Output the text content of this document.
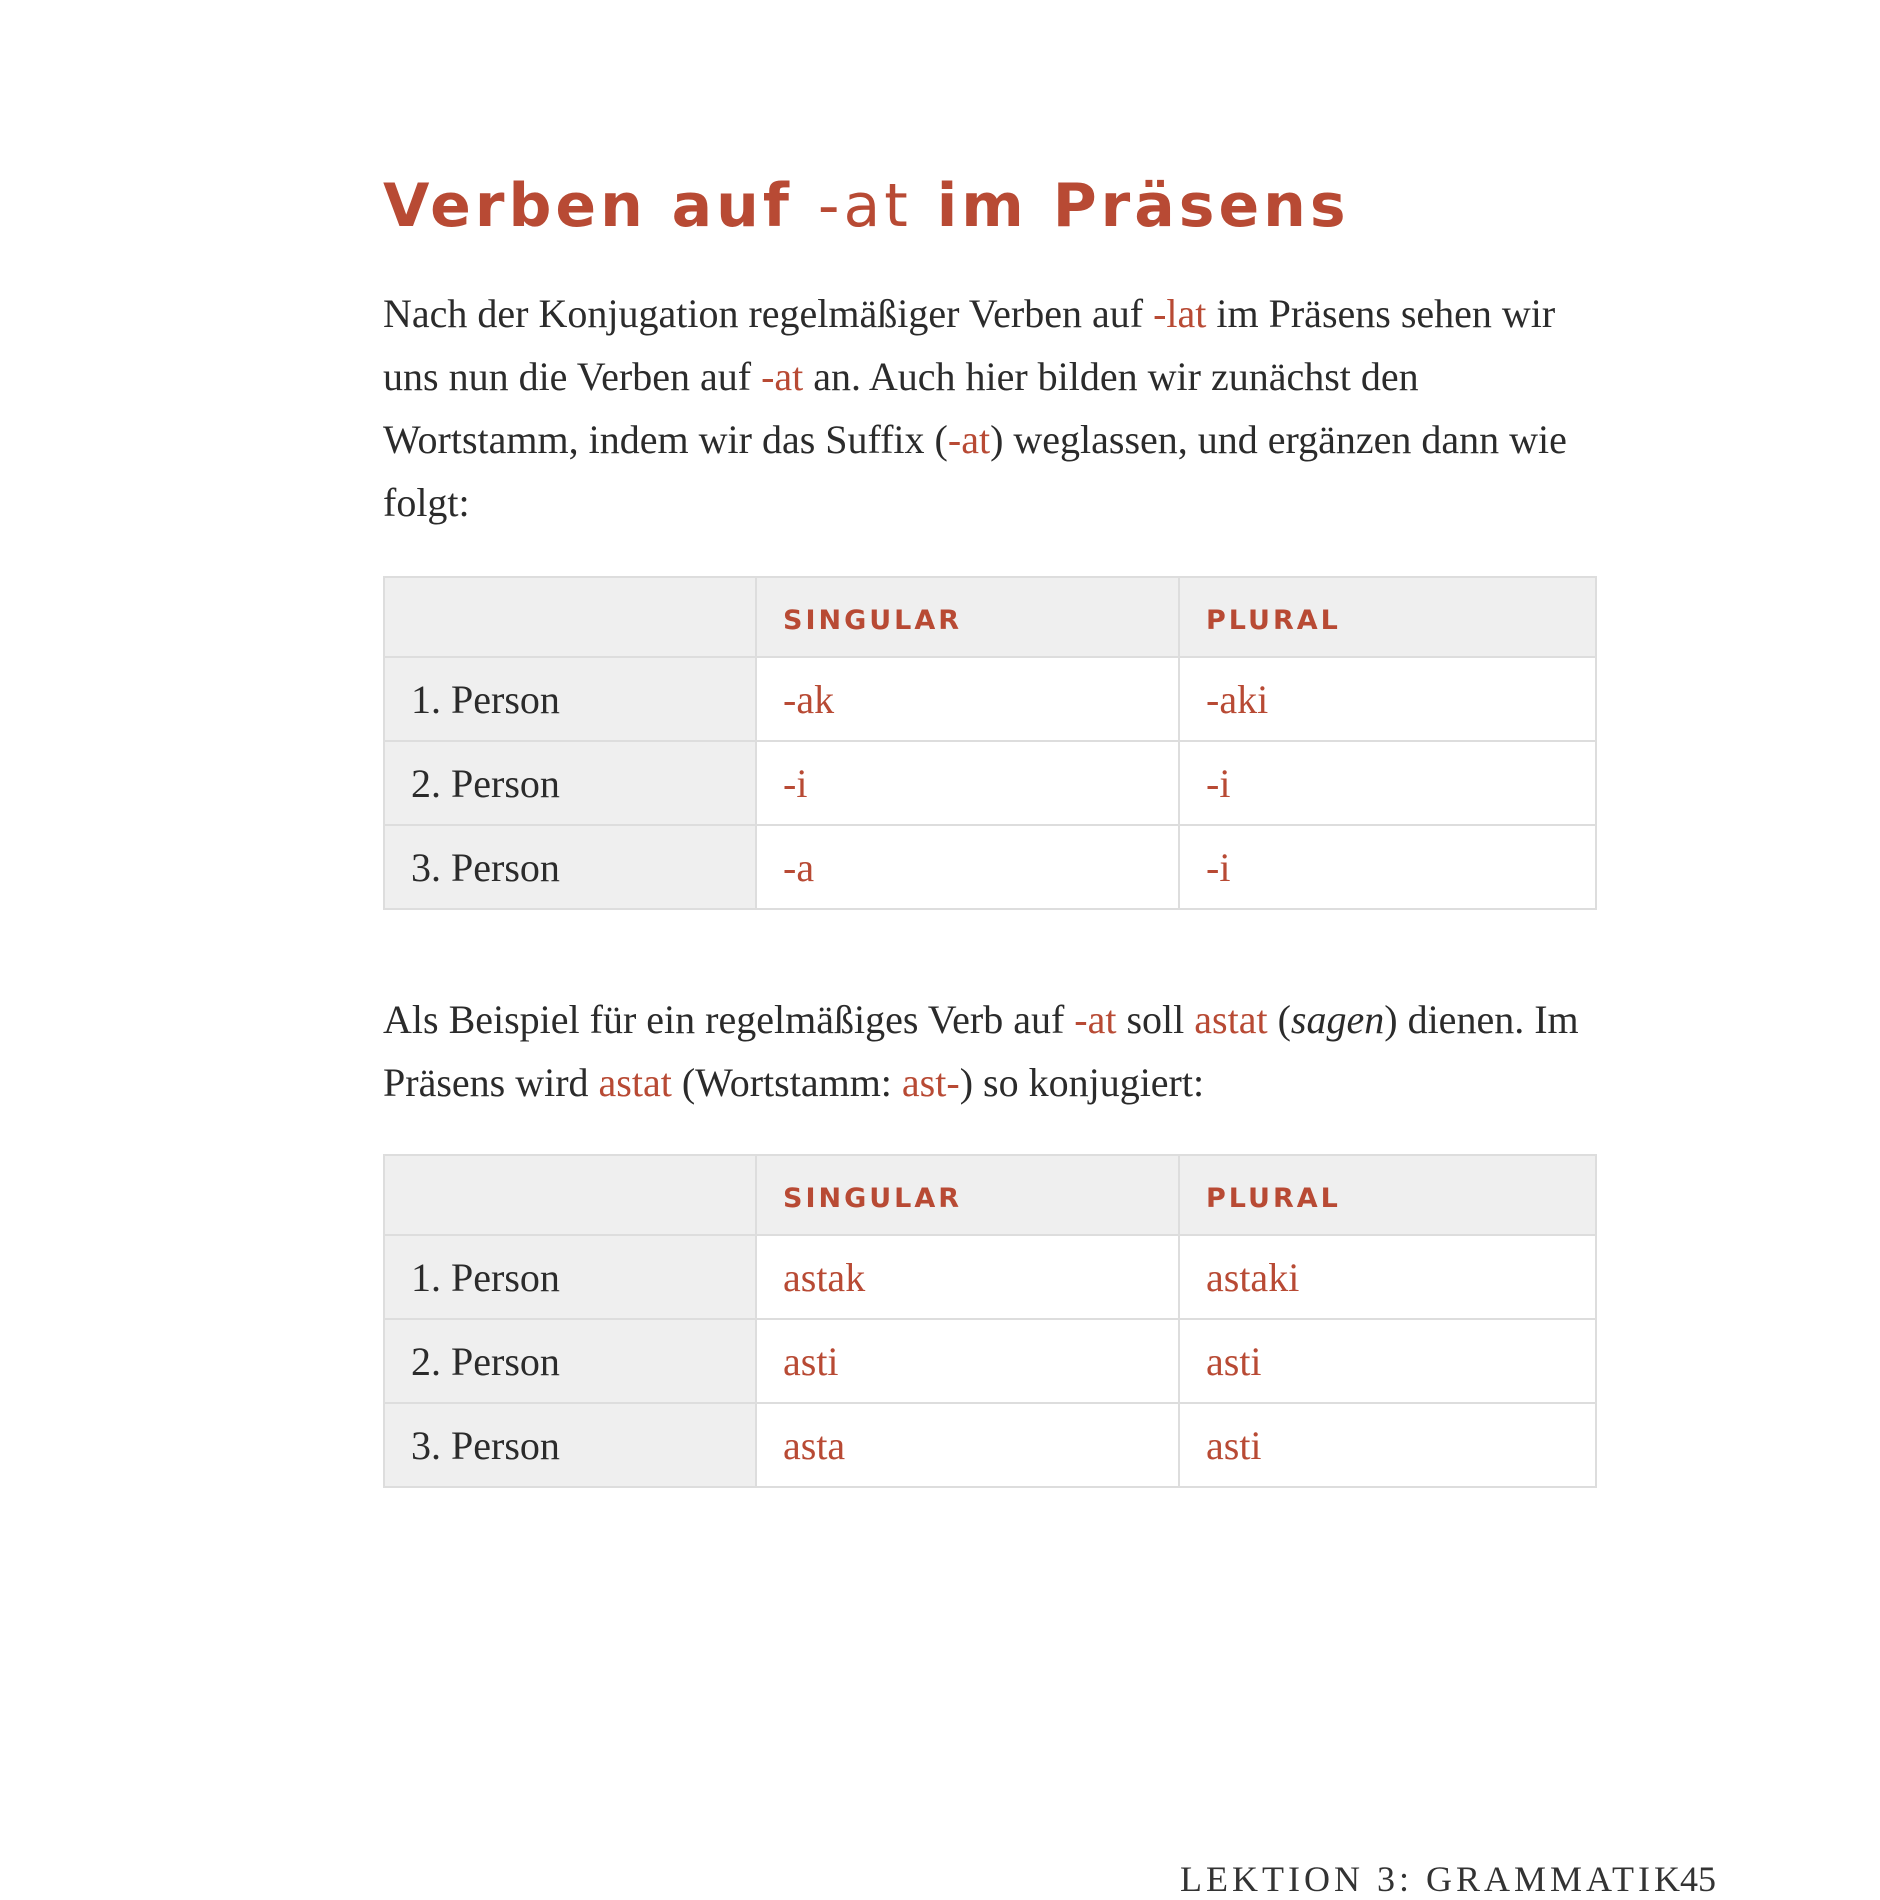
Verben auf -at im Präsens

Nach der Konjugation regelmäßiger Verben auf -lat im Präsens sehen wir uns nun die Verben auf -at an. Auch hier bilden wir zunächst den Wortstamm, indem wir das Suffix (-at) weglassen, und ergänzen dann wie folgt:

	SINGULAR	PLURAL
1. Person	-ak	-aki
2. Person	-i	-i
3. Person	-a	-i

Als Beispiel für ein regelmäßiges Verb auf -at soll astat (sagen) dienen. Im Präsens wird astat (Wortstamm: ast-) so konjugiert:

	SINGULAR	PLURAL
1. Person	astak	astaki
2. Person	asti	asti
3. Person	asta	asti
LEKTION 3: GRAMMATIK
45
